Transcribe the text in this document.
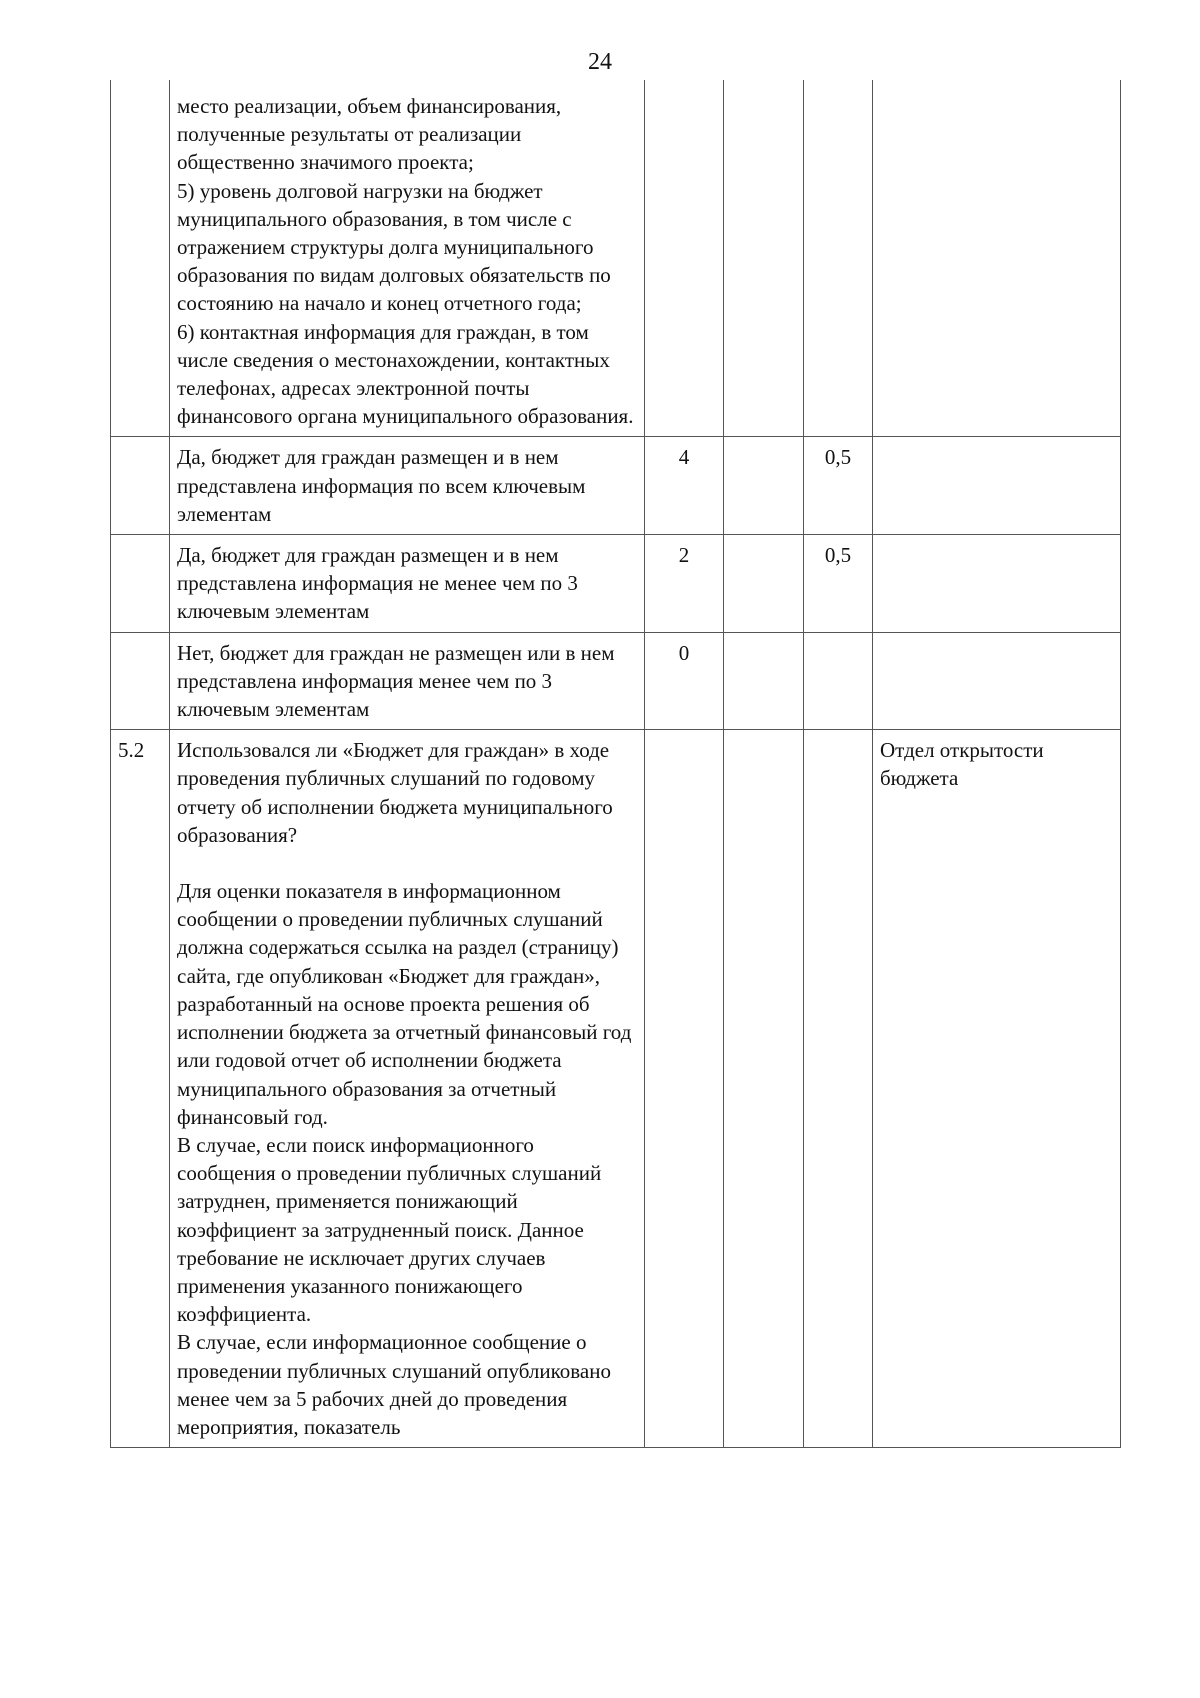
24

	место реализации, объем финансирования, полученные результаты от реализации общественно значимого проекта;
5) уровень долговой нагрузки на бюджет муниципального образования, в том числе с отражением структуры долга муниципального образования по видам долговых обязательств по состоянию на начало и конец отчетного года;
6) контактная информация для граждан, в том числе сведения о местонахождении, контактных телефонах, адресах электронной почты финансового органа муниципального образования.				

	Да, бюджет для граждан размещен и в нем представлена информация по всем ключевым элементам	4		0,5	
	Да, бюджет для граждан размещен и в нем представлена информация не менее чем по 3 ключевым элементам	2		0,5	
	Нет, бюджет для граждан не размещен или в нем представлена информация менее чем по 3 ключевым элементам	0			
5.2	Использовался ли «Бюджет для граждан» в ходе проведения публичных слушаний по годовому отчету об исполнении бюджета муниципального образования?
Для оценки показателя в информационном сообщении о проведении публичных слушаний должна содержаться ссылка на раздел (страницу) сайта, где опубликован «Бюджет для граждан», разработанный на основе проекта решения об исполнении бюджета за отчетный финансовый год или годовой отчет об исполнении бюджета муниципального образования за отчетный финансовый год.
В случае, если поиск информационного сообщения о проведении публичных слушаний затруднен, применяется понижающий коэффициент за затрудненный поиск. Данное требование не исключает других случаев применения указанного понижающего коэффициента.
В случае, если информационное сообщение о проведении публичных слушаний опубликовано менее чем за 5 рабочих дней до проведения мероприятия, показатель				Отдел открытости бюджета
